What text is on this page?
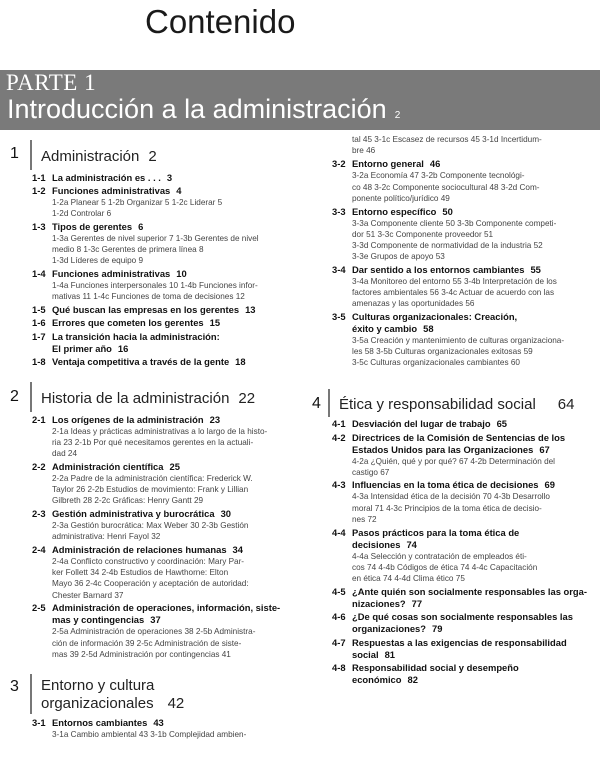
Contenido
PARTE 1
Introducción a la administración 2
1 Administración 2
1-1 La administración es . . . 3
1-2 Funciones administrativas 4
1-2a Planear 5 1-2b Organizar 5 1-2c Liderar 5
1-2d Controlar 6
1-3 Tipos de gerentes 6
1-3a Gerentes de nivel superior 7 1-3b Gerentes de nivel
medio 8 1-3c Gerentes de primera línea 8
1-3d Líderes de equipo 9
1-4 Funciones administrativas 10
1-4a Funciones interpersonales 10 1-4b Funciones infor-
mativas 11 1-4c Funciones de toma de decisiones 12
1-5 Qué buscan las empresas en los gerentes 13
1-6 Errores que cometen los gerentes 15
1-7 La transición hacia la administración:
El primer año 16
1-8 Ventaja competitiva a través de la gente 18
2 Historia de la administración 22
2-1 Los orígenes de la administración 23
2-1a Ideas y prácticas administrativas a lo largo de la histo-
ria 23 2-1b Por qué necesitamos gerentes en la actuali-
dad 24
2-2 Administración científica 25
2-2a Padre de la administración científica: Frederick W.
Taylor 26 2-2b Estudios de movimiento: Frank y Lillian
Gilbreth 28 2-2c Gráficas: Henry Gantt 29
2-3 Gestión administrativa y burocrática 30
2-3a Gestión burocrática: Max Weber 30 2-3b Gestión
administrativa: Henri Fayol 32
2-4 Administración de relaciones humanas 34
2-4a Conflicto constructivo y coordinación: Mary Par-
ker Follett 34 2-4b Estudios de Hawthorne: Elton
Mayo 36 2-4c Cooperación y aceptación de autoridad:
Chester Barnard 37
2-5 Administración de operaciones, información, siste-
mas y contingencias 37
2-5a Administración de operaciones 38 2-5b Administra-
ción de información 39 2-5c Administración de siste-
mas 39 2-5d Administración por contingencias 41
3 Entorno y cultura
organizacionales 42
3-1 Entornos cambiantes 43
3-1a Cambio ambiental 43 3-1b Complejidad ambien-
tal 45 3-1c Escasez de recursos 45 3-1d Incertidum-
bre 46
3-2 Entorno general 46
3-2a Economía 47 3-2b Componente tecnológi-
co 48 3-2c Componente sociocultural 48 3-2d Com-
ponente político/jurídico 49
3-3 Entorno específico 50
3-3a Componente cliente 50 3-3b Componente competi-
dor 51 3-3c Componente proveedor 51
3-3d Componente de normatividad de la industria 52
3-3e Grupos de apoyo 53
3-4 Dar sentido a los entornos cambiantes 55
3-4a Monitoreo del entorno 55 3-4b Interpretación de los
factores ambientales 56 3-4c Actuar de acuerdo con las
amenazas y las oportunidades 56
3-5 Culturas organizacionales: Creación,
éxito y cambio 58
3-5a Creación y mantenimiento de culturas organizaciona-
les 58 3-5b Culturas organizacionales exitosas 59
3-5c Culturas organizacionales cambiantes 60
4 Ética y responsabilidad social 64
4-1 Desviación del lugar de trabajo 65
4-2 Directrices de la Comisión de Sentencias de los
Estados Unidos para las Organizaciones 67
4-2a ¿Quién, qué y por qué? 67 4-2b Determinación del
castigo 67
4-3 Influencias en la toma ética de decisiones 69
4-3a Intensidad ética de la decisión 70 4-3b Desarrollo
moral 71 4-3c Principios de la toma ética de decisio-
nes 72
4-4 Pasos prácticos para la toma ética de
decisiones 74
4-4a Selección y contratación de empleados éti-
cos 74 4-4b Códigos de ética 74 4-4c Capacitación
en ética 74 4-4d Clima ético 75
4-5 ¿Ante quién son socialmente responsables las orga-
nizaciones? 77
4-6 ¿De qué cosas son socialmente responsables las
organizaciones? 79
4-7 Respuestas a las exigencias de responsabilidad
social 81
4-8 Responsabilidad social y desempeño
económico 82
